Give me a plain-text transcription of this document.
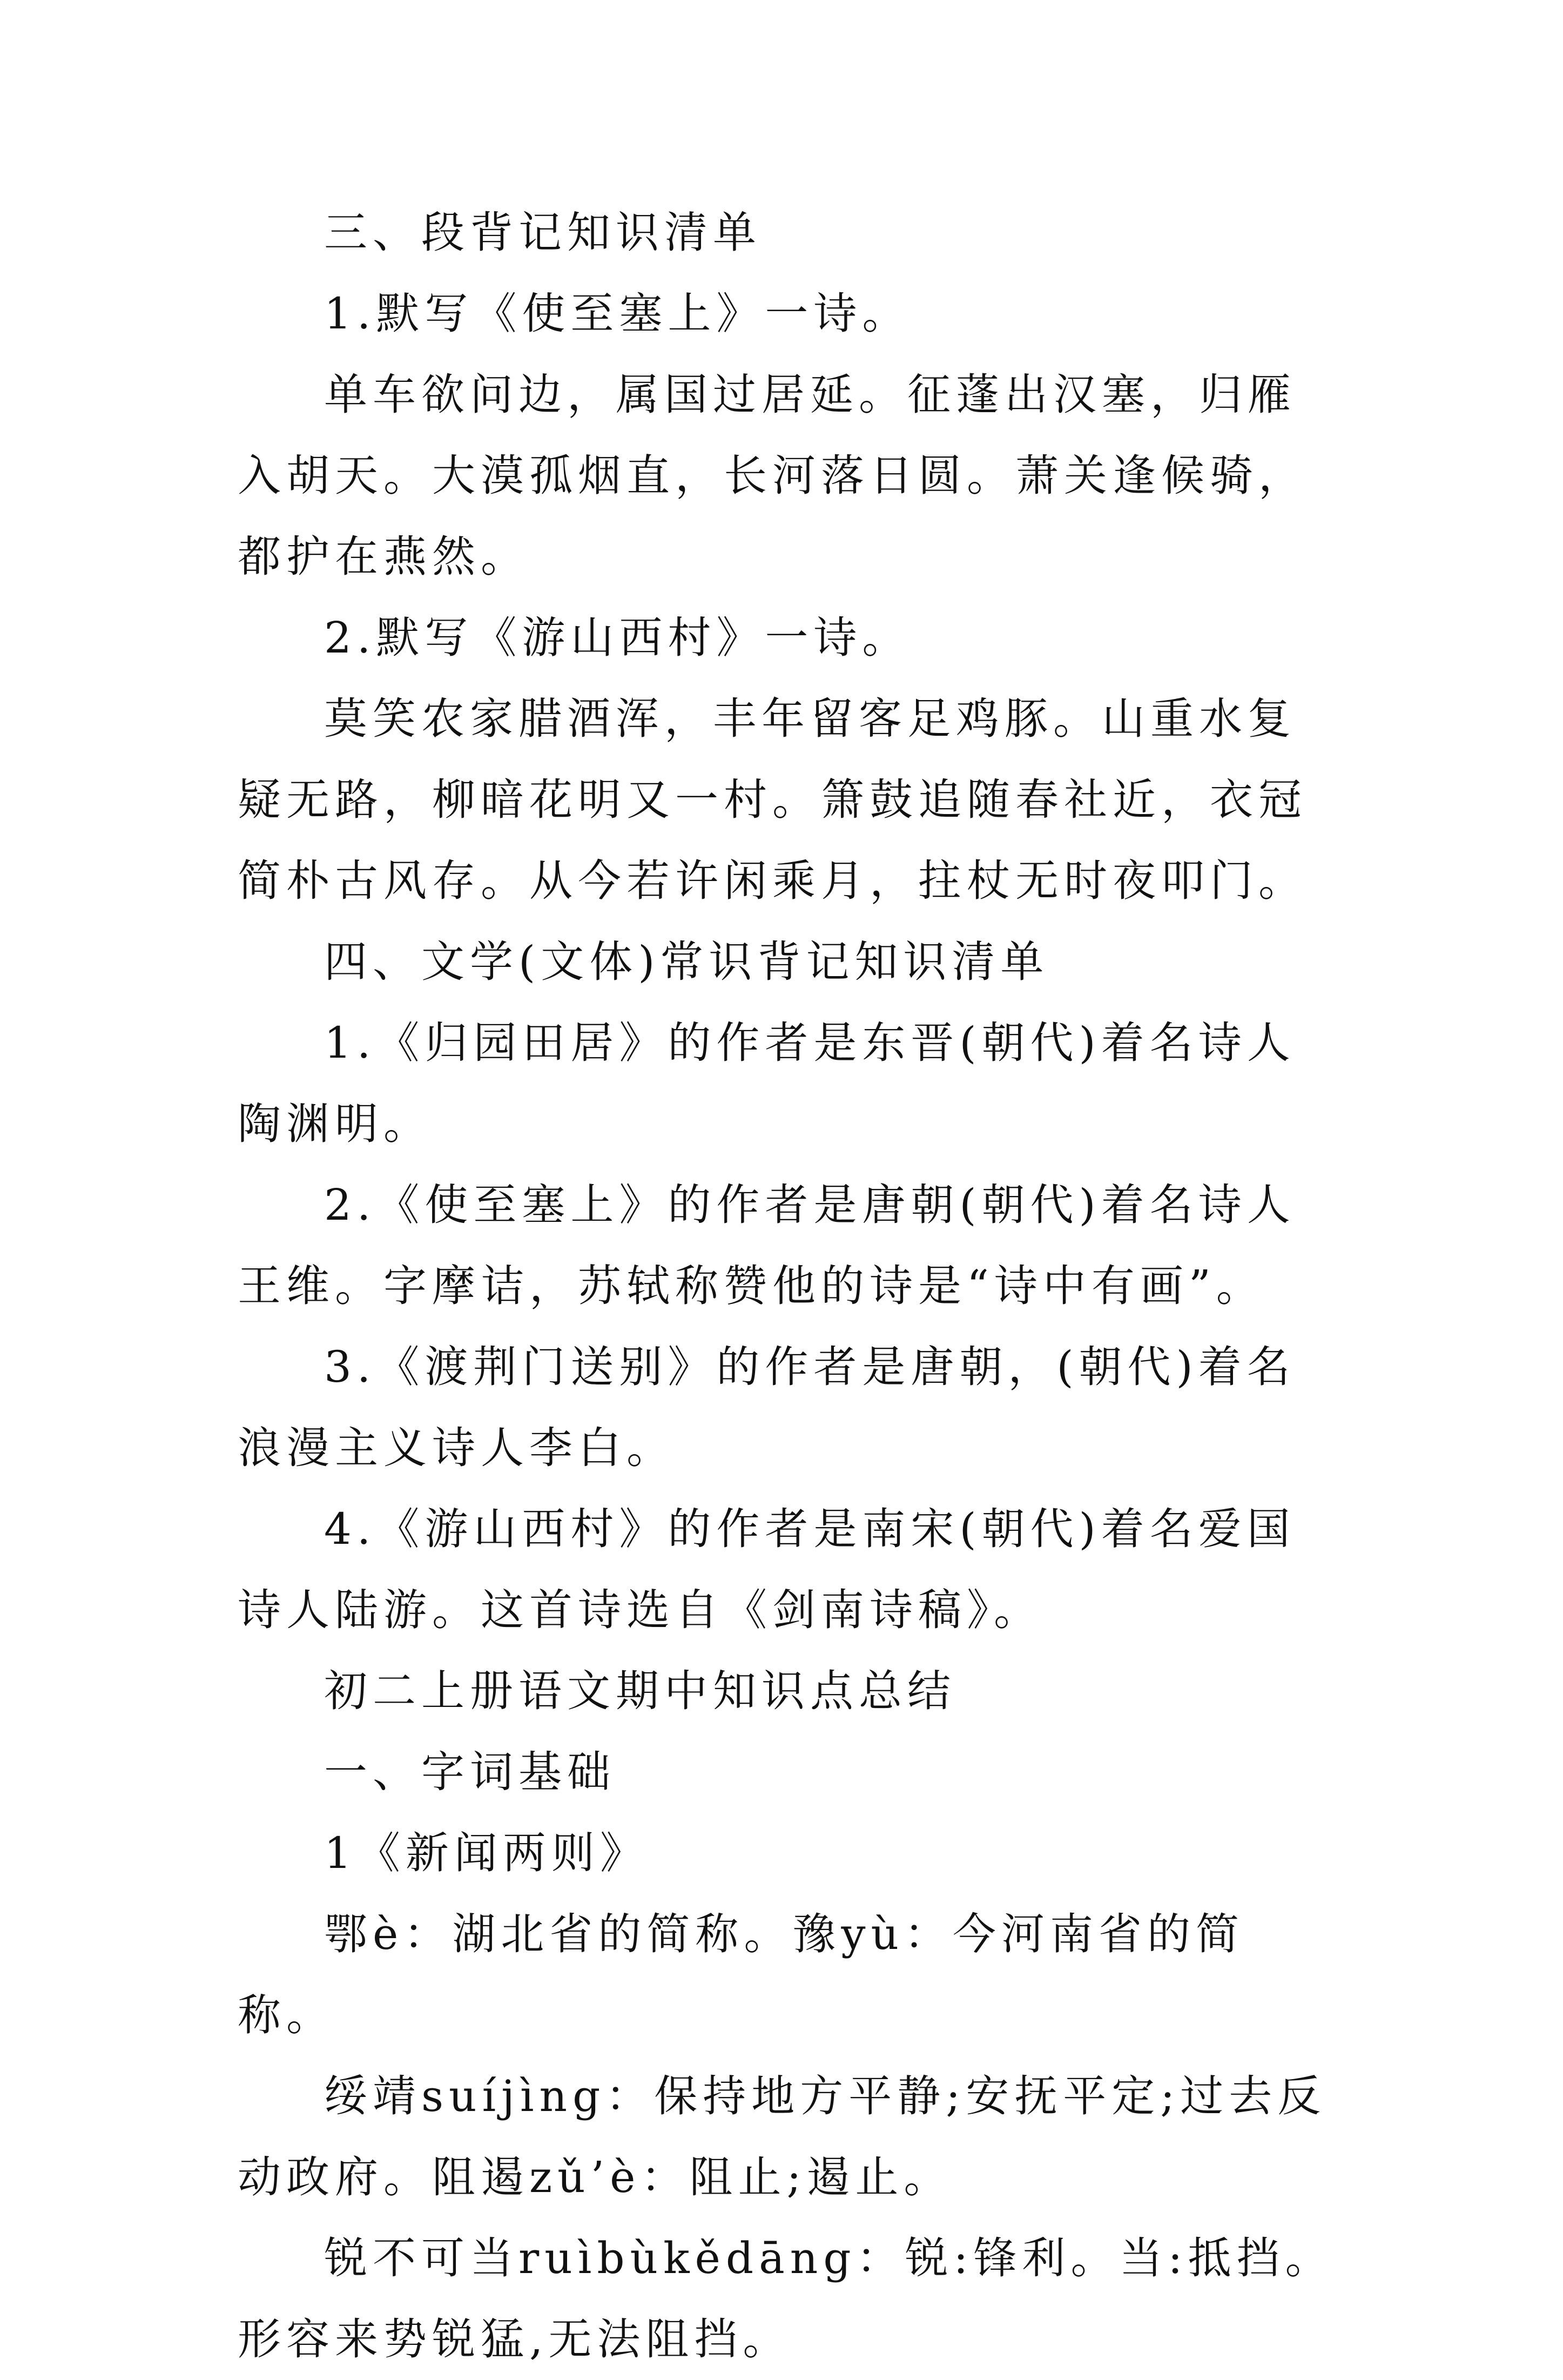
三、段背记知识清单

1.默写《使至塞上》一诗。

单车欲问边，属国过居延。征蓬出汉塞，归雁入胡天。大漠孤烟直，长河落日圆。萧关逢候骑，都护在燕然。

2.默写《游山西村》一诗。

莫笑农家腊酒浑，丰年留客足鸡豚。山重水复疑无路，柳暗花明又一村。箫鼓追随春社近，衣冠简朴古风存。从今若许闲乘月，拄杖无时夜叩门。

四、文学(文体)常识背记知识清单

1.《归园田居》的作者是东晋(朝代)着名诗人陶渊明。

2.《使至塞上》的作者是唐朝(朝代)着名诗人王维。字摩诘，苏轼称赞他的诗是“诗中有画”。

3.《渡荆门送别》的作者是唐朝，(朝代)着名浪漫主义诗人李白。

4.《游山西村》的作者是南宋(朝代)着名爱国诗人陆游。这首诗选自《剑南诗稿》。

初二上册语文期中知识点总结

一、字词基础

1《新闻两则》

鄂è：湖北省的简称。豫yù：今河南省的简称。

绥靖suíjìng：保持地方平静;安抚平定;过去反动政府。阻遏zǔ’è：阻止;遏止。

锐不可当ruìbùkědāng：锐:锋利。当:抵挡。形容来势锐猛,无法阻挡。
